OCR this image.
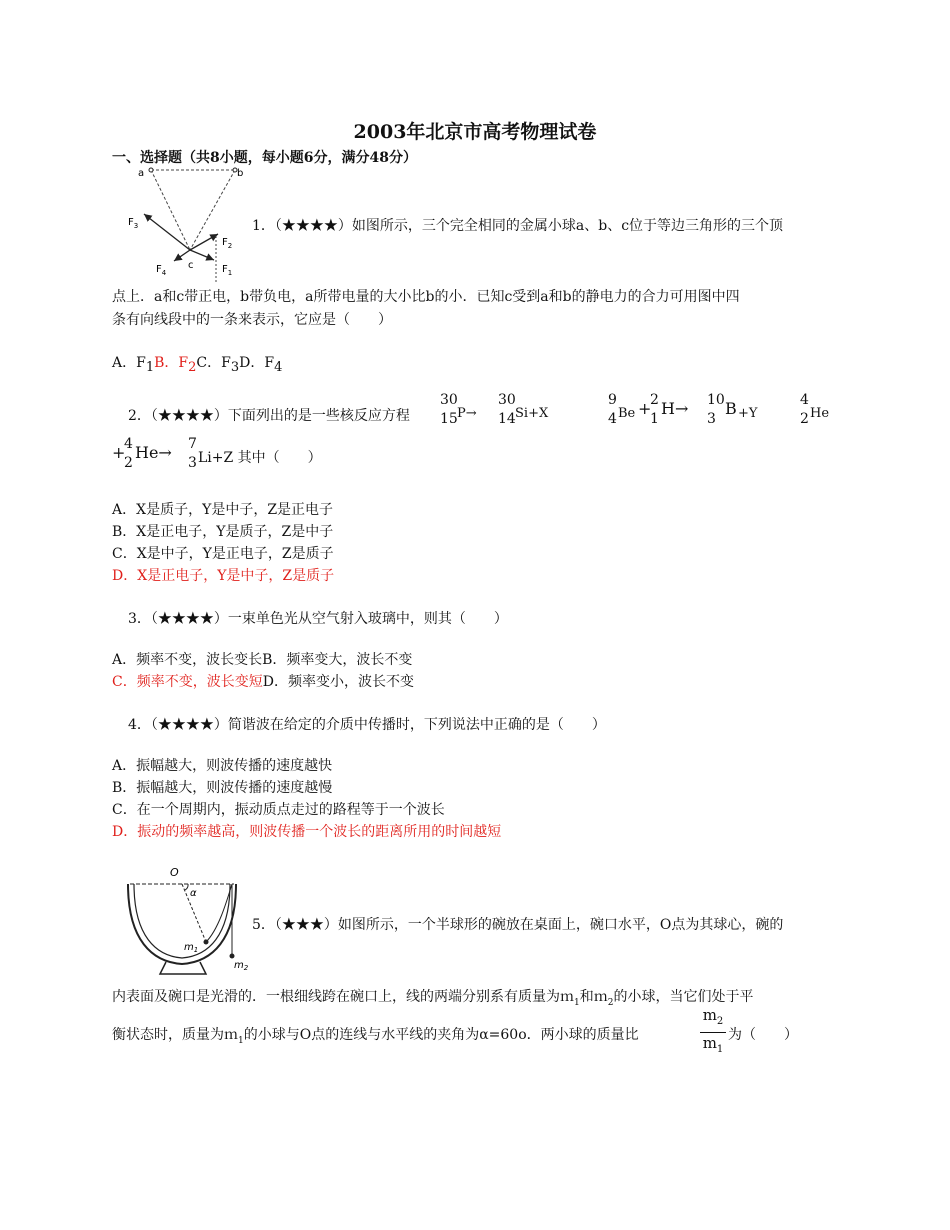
2003年北京市高考物理试卷
一、选择题（共8小题，每小题6分，满分48分）
a	b
c
$F_3$
$F_2$
$F_4$	$F_1$
1．（★★★★）如图所示，三个完全相同的金属小球a、b、c位于等边三角形的三个顶
点上．a和c带正电，b带负电，a所带电量的大小比b的小．已知c受到a和b的静电力的合力可用图中四
条有向线段中的一条来表示，它应是（　　）
A．$F_1B$．$F_2C$．$F_3D$．$F_4$
2．（★★★★）下面列出的是一些核反应方程
30
15 P→
30
14 Si+X
9
4 Be +
2
1
H→ 10
3
B +Y
4
2 He
+
4
2
He→ 7
3 Li+Z 其中（　　）
A．X是质子，Y是中子，Z是正电子
B．X是正电子，Y是质子，Z是中子
C．X是中子，Y是正电子，Z是质子
D．X是正电子，Y是中子，Z是质子
3．（★★★★）一束单色光从空气射入玻璃中，则其（　　）
A．频率不变，波长变长B．频率变大，波长不变
C．频率不变，波长变短D．频率变小，波长不变
4．（★★★★）简谐波在给定的介质中传播时，下列说法中正确的是（　　）
A．振幅越大，则波传播的速度越快
B．振幅越大，则波传播的速度越慢
C．在一个周期内，振动质点走过的路程等于一个波长
D．振动的频率越高，则波传播一个波长的距离所用的时间越短
O
α
$m_1$
$m_2$
5．（★★★）如图所示，一个半球形的碗放在桌面上，碗口水平，O点为其球心，碗的
内表面及碗口是光滑的．一根细线跨在碗口上，线的两端分别系有质量为ｍ$_1$和ｍ$_2$的小球，当它们处于平
衡状态时，质量为ｍ$_1$的小球与O点的连线与水平线的夹角为α=60o．两小球的质量比
$m_2$
$m_1$
为（　　）
